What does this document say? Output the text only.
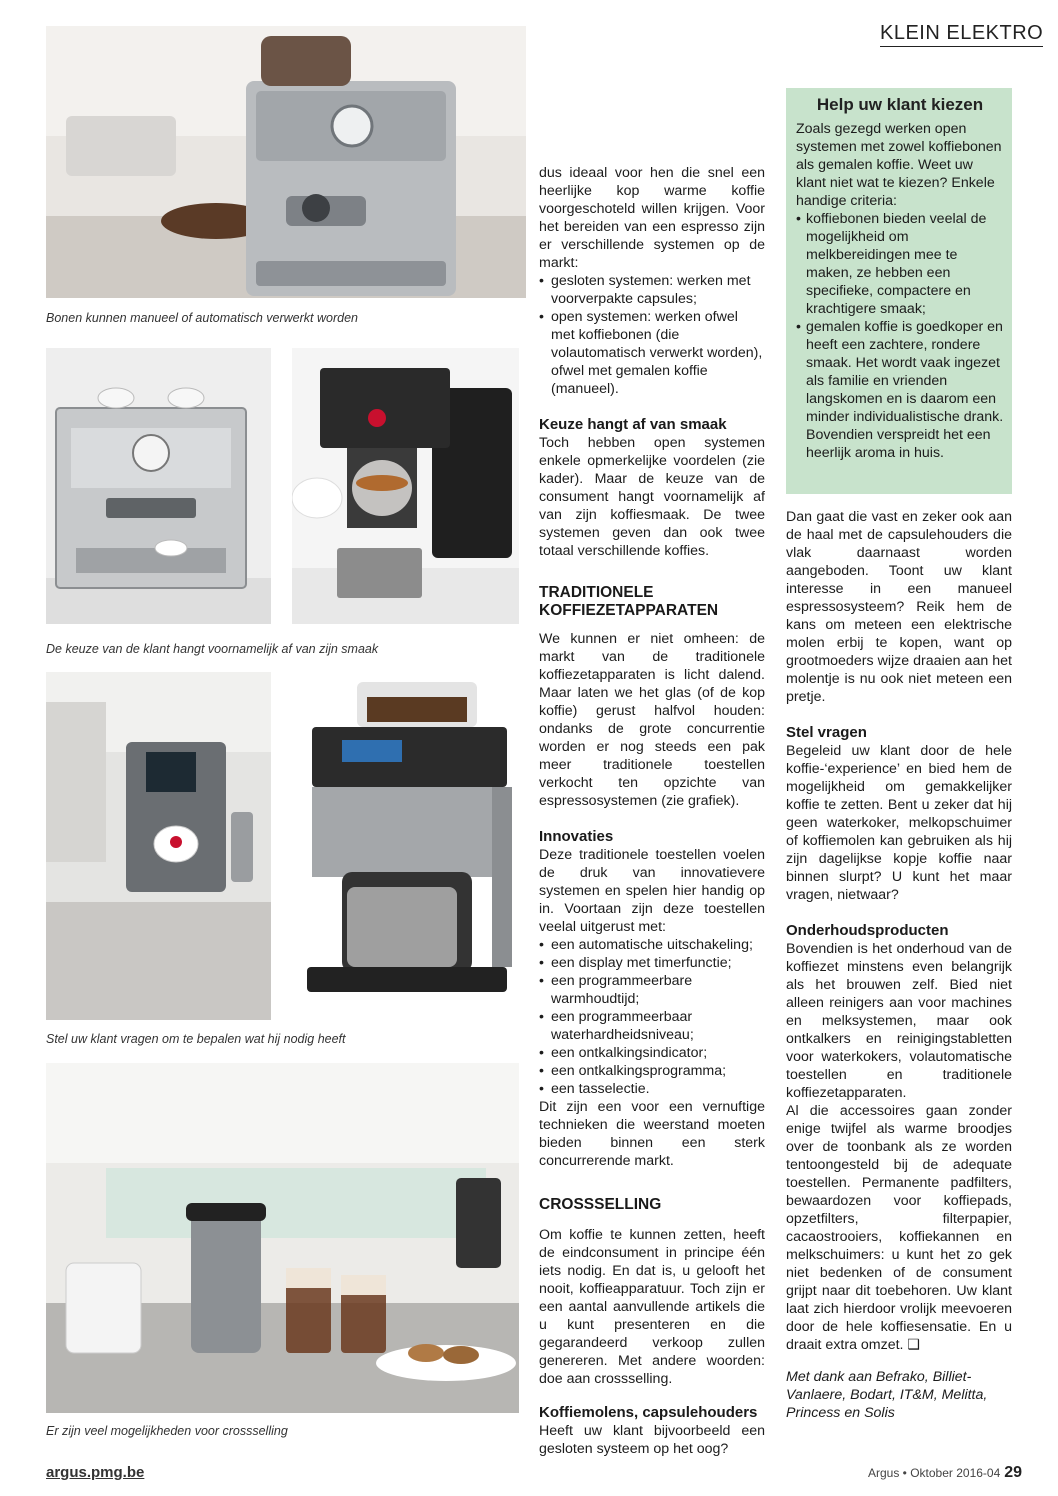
KLEIN ELEKTRO
Bonen kunnen manueel of automatisch verwerkt worden
De keuze van de klant hangt voornamelijk af van zijn smaak
Stel uw klant vragen om te bepalen wat hij nodig heeft
Er zijn veel mogelijkheden voor crossselling

dus ideaal voor hen die snel een heerlijke kop warme koffie voorgeschoteld willen krijgen. Voor het bereiden van een espresso zijn er verschillende systemen op de markt:

• gesloten systemen: werken met voorverpakte capsules;
• open systemen: werken ofwel met koffiebonen (die volautomatisch verwerkt worden), ofwel met gemalen koffie (manueel).
Keuze hangt af van smaak

Toch hebben open systemen enkele opmerkelijke voordelen (zie kader). Maar de keuze van de consument hangt voornamelijk af van zijn koffiesmaak. De twee systemen geven dan ook twee totaal verschillende koffies.

TRADITIONELE KOFFIEZETAPPARATEN

We kunnen er niet omheen: de markt van de traditionele koffiezetapparaten is licht dalend. Maar laten we het glas (of de kop koffie) gerust halfvol houden: ondanks de grote concurrentie worden er nog steeds een pak meer traditionele toestellen verkocht ten opzichte van espressosystemen (zie grafiek).

Innovaties

Deze traditionele toestellen voelen de druk van innovatievere systemen en spelen hier handig op in. Voortaan zijn deze toestellen veelal uitgerust met:

• een automatische uitschakeling;
• een display met timerfunctie;
• een programmeerbare warmhoudtijd;
• een programmeerbaar waterhardheidsniveau;
• een ontkalkingsindicator;
• een ontkalkingsprogramma;
• een tasselectie.

Dit zijn een voor een vernuftige technieken die weerstand moeten bieden binnen een sterk concurrerende markt.

CROSSSELLING

Om koffie te kunnen zetten, heeft de eindconsument in principe één iets nodig. En dat is, u gelooft het nooit, koffieapparatuur. Toch zijn er een aantal aanvullende artikels die u kunt presenteren en die gegarandeerd verkoop zullen genereren. Met andere woorden: doe aan crossselling.

Koffiemolens, capsulehouders

Heeft uw klant bijvoorbeeld een gesloten systeem op het oog?

Help uw klant kiezen

Zoals gezegd werken open systemen met zowel koffiebonen als gemalen koffie. Weet uw klant niet wat te kiezen? Enkele handige criteria:

• koffiebonen bieden veelal de mogelijkheid om melkbereidingen mee te maken, ze hebben een specifieke, compactere en krachtigere smaak;
• gemalen koffie is goedkoper en heeft een zachtere, rondere smaak. Het wordt vaak ingezet als familie en vrienden langskomen en is daarom een minder individualistische drank. Bovendien verspreidt het een heerlijk aroma in huis.

Dan gaat die vast en zeker ook aan de haal met de capsulehouders die vlak daarnaast worden aangeboden. Toont uw klant interesse in een manueel espressosysteem? Reik hem de kans om meteen een elektrische molen erbij te kopen, want op grootmoeders wijze draaien aan het molentje is nu ook niet meteen een pretje.

Stel vragen

Begeleid uw klant door de hele koffie-‘experience’ en bied hem de mogelijkheid om gemakkelijker koffie te zetten. Bent u zeker dat hij geen waterkoker, melkopschuimer of koffiemolen kan gebruiken als hij zijn dagelijkse kopje koffie naar binnen slurpt? U kunt het maar vragen, nietwaar?

Onderhoudsproducten

Bovendien is het onderhoud van de koffiezet minstens even belangrijk als het brouwen zelf. Bied niet alleen reinigers aan voor machines en melksystemen, maar ook ontkalkers en reinigingstabletten voor waterkokers, volautomatische toestellen en traditionele koffiezetapparaten.

Al die accessoires gaan zonder enige twijfel als warme broodjes over de toonbank als ze worden tentoongesteld bij de adequate toestellen. Permanente padfilters, bewaardozen voor koffiepads, opzetfilters, filterpapier, cacaostrooiers, koffiekannen en melkschuimers: u kunt het zo gek niet bedenken of de consument grijpt naar dit toebehoren. Uw klant laat zich hierdoor vrolijk meevoeren door de hele koffiesensatie. En u draait extra omzet. ❑

Met dank aan Befrako, Billiet-Vanlaere, Bodart, IT&M, Melitta, Princess en Solis

argus.pmg.be	Argus • Oktober 2016-04 29
